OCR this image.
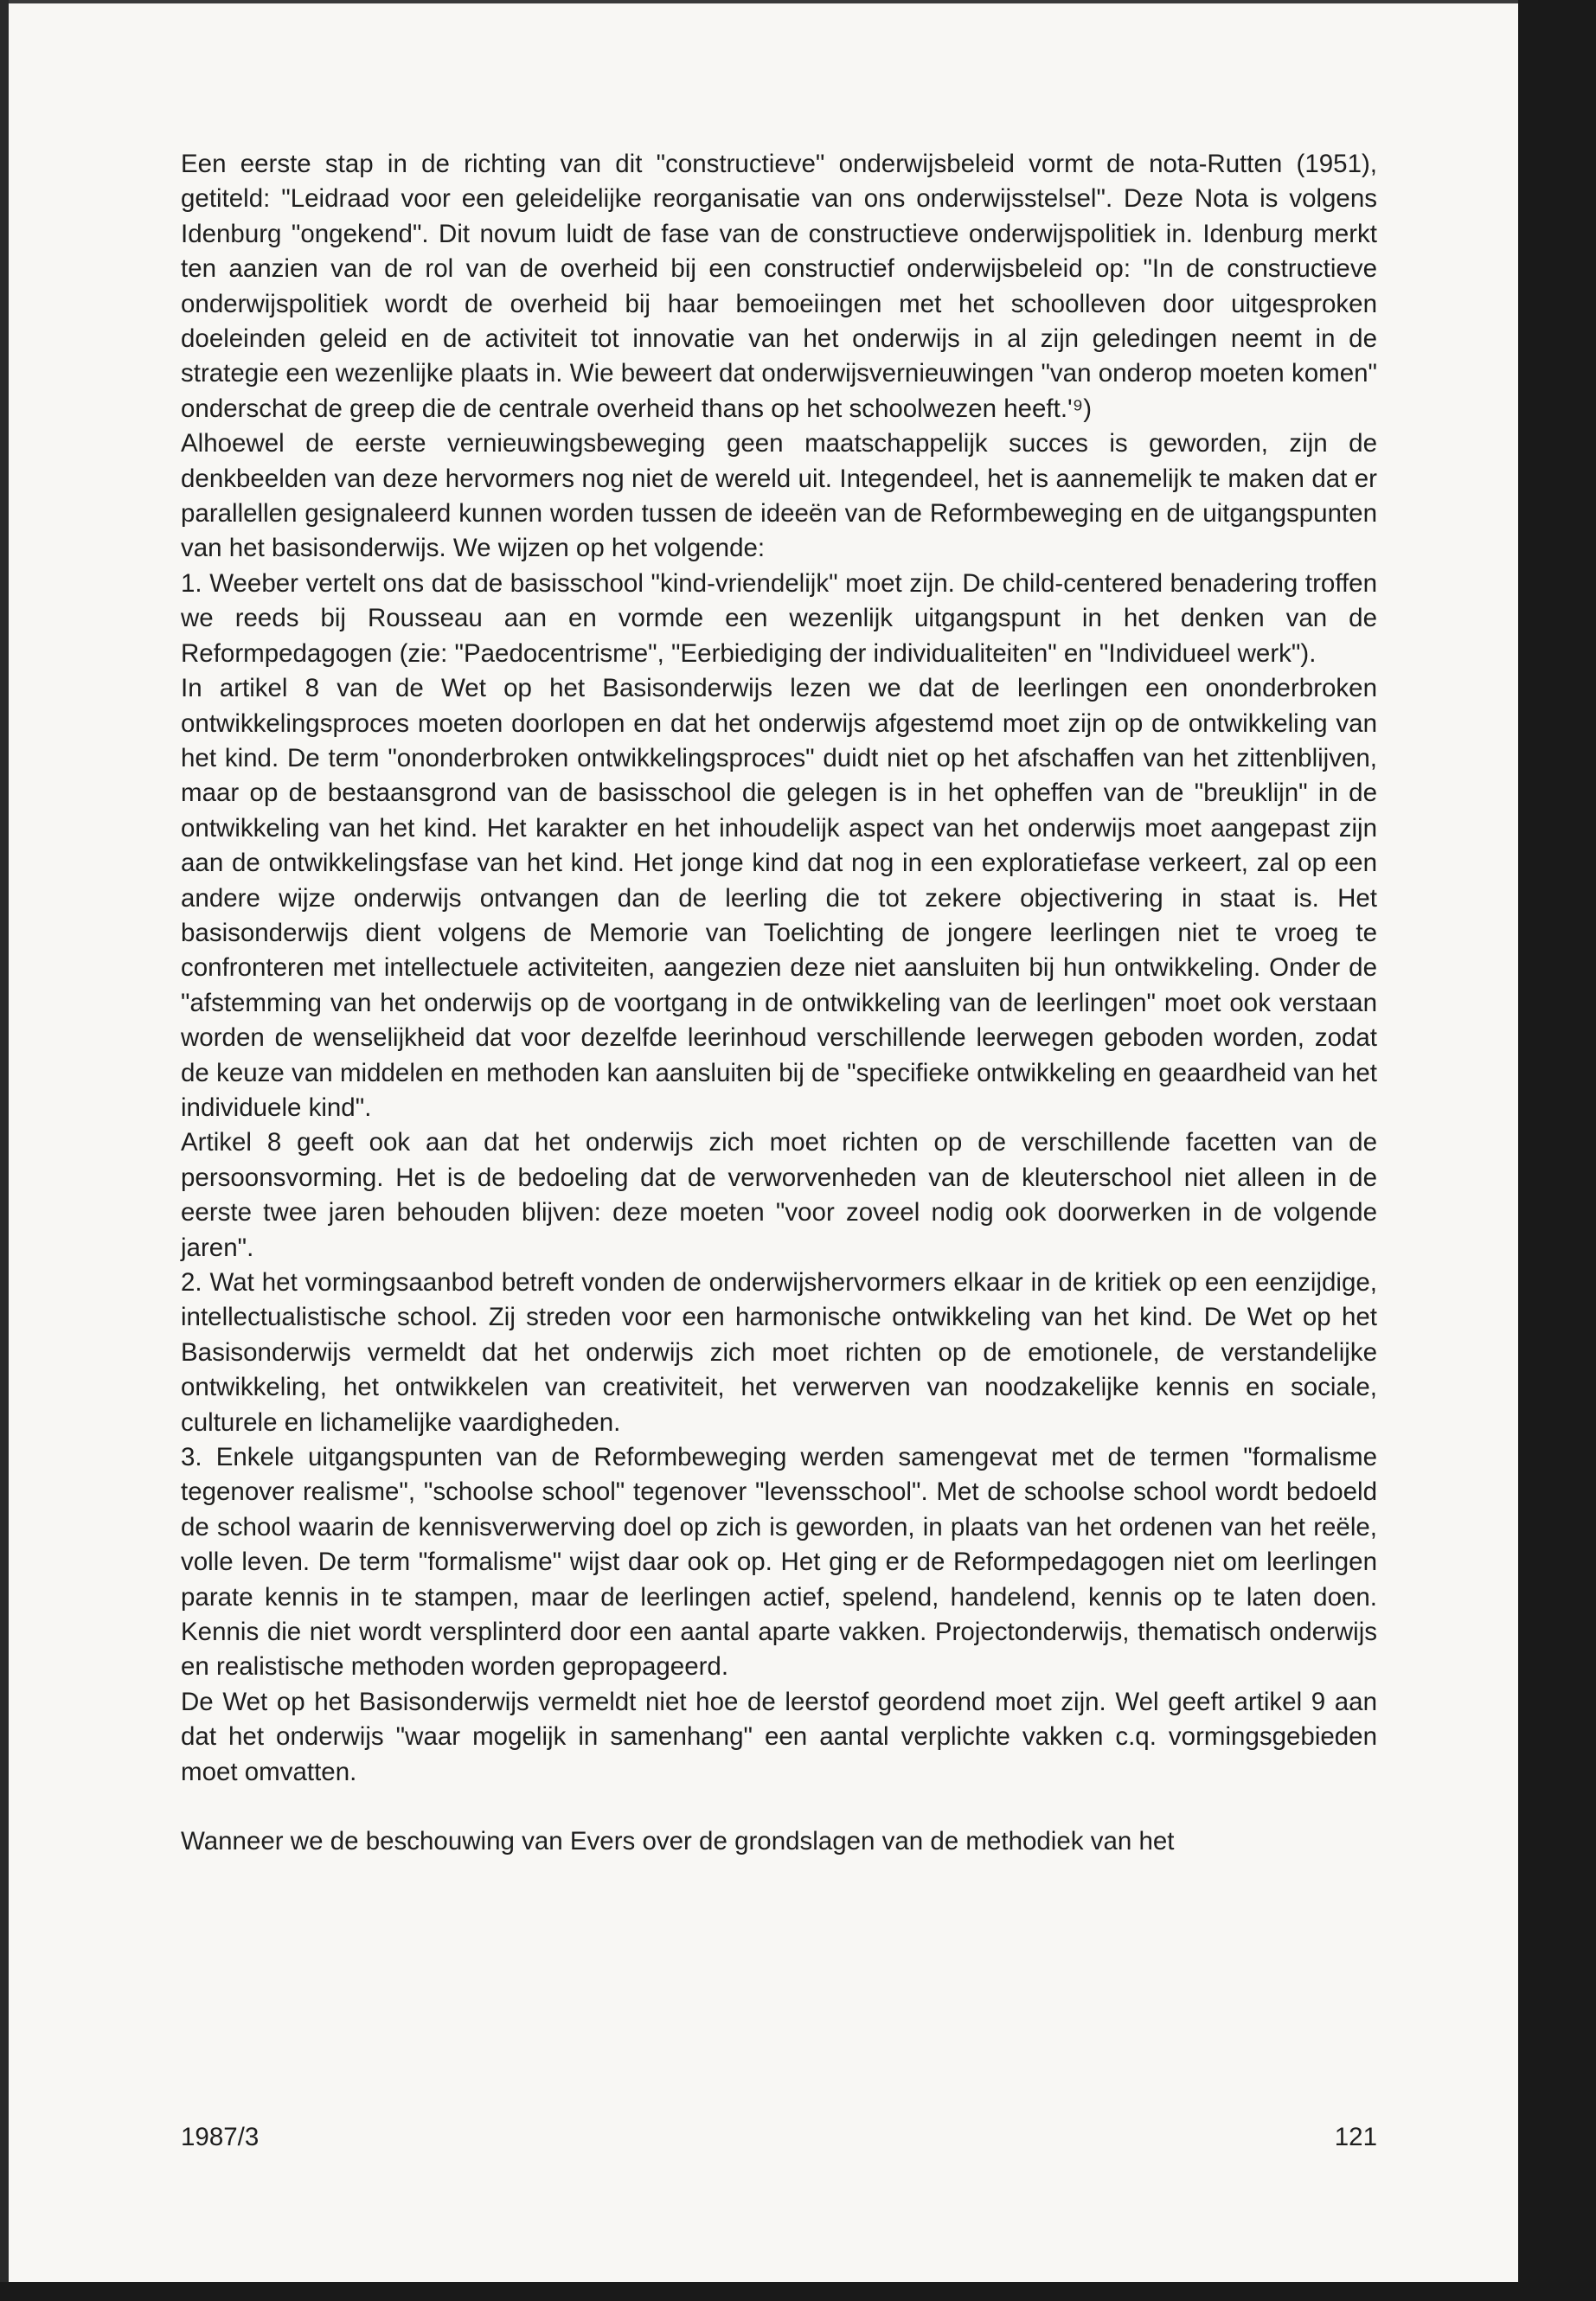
Een eerste stap in de richting van dit "constructieve" onderwijsbeleid vormt de nota-Rutten (1951), getiteld: "Leidraad voor een geleidelijke reorganisatie van ons onderwijsstelsel". Deze Nota is volgens Idenburg "ongekend". Dit novum luidt de fase van de constructieve onderwijspolitiek in. Idenburg merkt ten aanzien van de rol van de overheid bij een constructief onderwijsbeleid op: "In de constructieve onderwijspolitiek wordt de overheid bij haar bemoeiingen met het schoolleven door uitgesproken doeleinden geleid en de activiteit tot innovatie van het onderwijs in al zijn geledingen neemt in de strategie een wezenlijke plaats in. Wie beweert dat onderwijsvernieuwingen "van onderop moeten komen" onderschat de greep die de centrale overheid thans op het schoolwezen heeft.'⁹)

Alhoewel de eerste vernieuwingsbeweging geen maatschappelijk succes is geworden, zijn de denkbeelden van deze hervormers nog niet de wereld uit. Integendeel, het is aannemelijk te maken dat er parallellen gesignaleerd kunnen worden tussen de ideeën van de Reformbeweging en de uitgangspunten van het basisonderwijs. We wijzen op het volgende:

1. Weeber vertelt ons dat de basisschool "kind-vriendelijk" moet zijn. De child-centered benadering troffen we reeds bij Rousseau aan en vormde een wezenlijk uitgangspunt in het denken van de Reformpedagogen (zie: "Paedocentrisme", "Eerbiediging der individualiteiten" en "Individueel werk").

In artikel 8 van de Wet op het Basisonderwijs lezen we dat de leerlingen een ononderbroken ontwikkelingsproces moeten doorlopen en dat het onderwijs afgestemd moet zijn op de ontwikkeling van het kind. De term "ononderbroken ontwikkelingsproces" duidt niet op het afschaffen van het zittenblijven, maar op de bestaansgrond van de basisschool die gelegen is in het opheffen van de "breuklijn" in de ontwikkeling van het kind. Het karakter en het inhoudelijk aspect van het onderwijs moet aangepast zijn aan de ontwikkelingsfase van het kind. Het jonge kind dat nog in een exploratiefase verkeert, zal op een andere wijze onderwijs ontvangen dan de leerling die tot zekere objectivering in staat is. Het basisonderwijs dient volgens de Memorie van Toelichting de jongere leerlingen niet te vroeg te confronteren met intellectuele activiteiten, aangezien deze niet aansluiten bij hun ontwikkeling. Onder de "afstemming van het onderwijs op de voortgang in de ontwikkeling van de leerlingen" moet ook verstaan worden de wenselijkheid dat voor dezelfde leerinhoud verschillende leerwegen geboden worden, zodat de keuze van middelen en methoden kan aansluiten bij de "specifieke ontwikkeling en geaardheid van het individuele kind".

Artikel 8 geeft ook aan dat het onderwijs zich moet richten op de verschillende facetten van de persoonsvorming. Het is de bedoeling dat de verworvenheden van de kleuterschool niet alleen in de eerste twee jaren behouden blijven: deze moeten "voor zoveel nodig ook doorwerken in de volgende jaren".

2. Wat het vormingsaanbod betreft vonden de onderwijshervormers elkaar in de kritiek op een eenzijdige, intellectualistische school. Zij streden voor een harmonische ontwikkeling van het kind. De Wet op het Basisonderwijs vermeldt dat het onderwijs zich moet richten op de emotionele, de verstandelijke ontwikkeling, het ontwikkelen van creativiteit, het verwerven van noodzakelijke kennis en sociale, culturele en lichamelijke vaardigheden.

3. Enkele uitgangspunten van de Reformbeweging werden samengevat met de termen "formalisme tegenover realisme", "schoolse school" tegenover "levensschool". Met de schoolse school wordt bedoeld de school waarin de kennisverwerving doel op zich is geworden, in plaats van het ordenen van het reële, volle leven. De term "formalisme" wijst daar ook op. Het ging er de Reformpedagogen niet om leerlingen parate kennis in te stampen, maar de leerlingen actief, spelend, handelend, kennis op te laten doen. Kennis die niet wordt versplinterd door een aantal aparte vakken. Projectonderwijs, thematisch onderwijs en realistische methoden worden gepropageerd.

De Wet op het Basisonderwijs vermeldt niet hoe de leerstof geordend moet zijn. Wel geeft artikel 9 aan dat het onderwijs "waar mogelijk in samenhang" een aantal verplichte vakken c.q. vormingsgebieden moet omvatten.

Wanneer we de beschouwing van Evers over de grondslagen van de methodiek van het

1987/3	121
